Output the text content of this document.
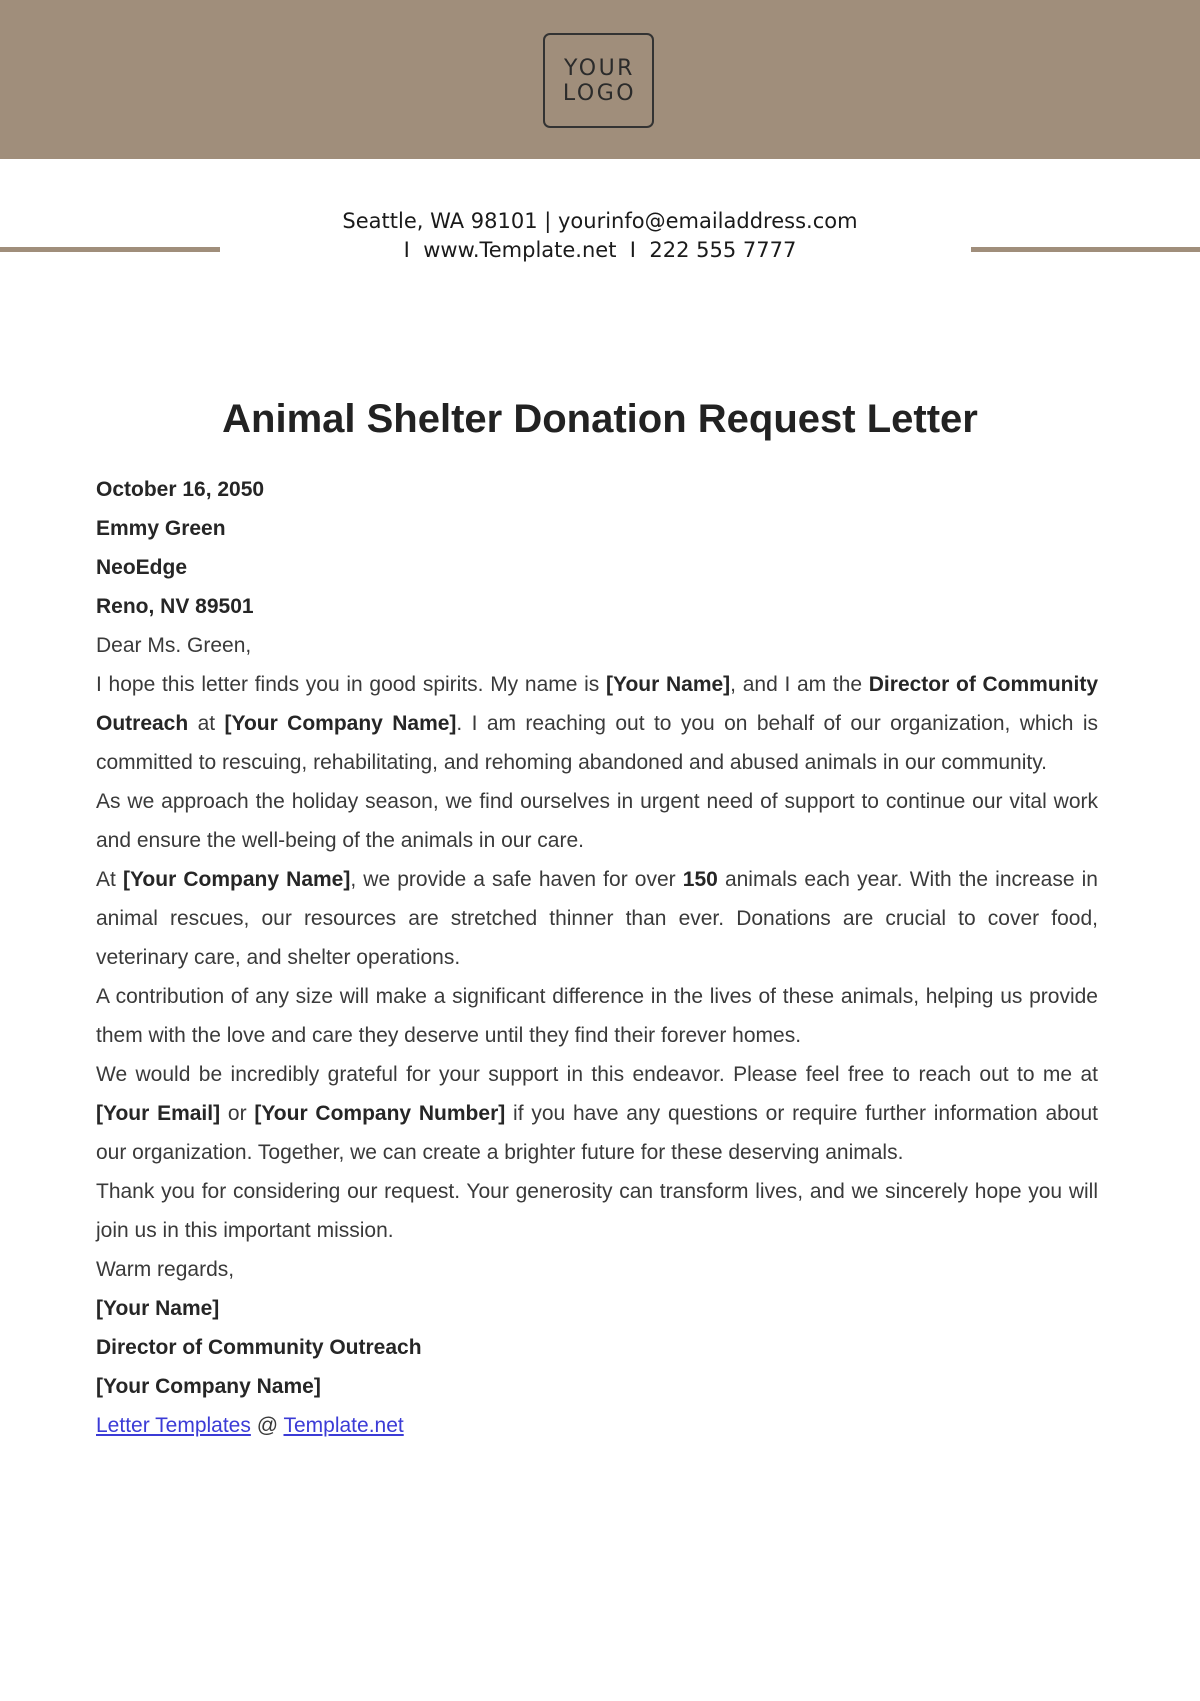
YOUR
LOGO
Seattle, WA 98101 | yourinfo@emailaddress.com
I  www.Template.net  I  222 555 7777
Animal Shelter Donation Request Letter

October 16, 2050

Emmy Green

NeoEdge

Reno, NV 89501

Dear Ms. Green,

I hope this letter finds you in good spirits. My name is [Your Name], and I am the Director of Community Outreach at [Your Company Name]. I am reaching out to you on behalf of our organization, which is committed to rescuing, rehabilitating, and rehoming abandoned and abused animals in our community.

As we approach the holiday season, we find ourselves in urgent need of support to continue our vital work and ensure the well-being of the animals in our care.

At [Your Company Name], we provide a safe haven for over 150 animals each year. With the increase in animal rescues, our resources are stretched thinner than ever. Donations are crucial to cover food, veterinary care, and shelter operations.

A contribution of any size will make a significant difference in the lives of these animals, helping us provide them with the love and care they deserve until they find their forever homes.

We would be incredibly grateful for your support in this endeavor. Please feel free to reach out to me at [Your Email] or [Your Company Number] if you have any questions or require further information about our organization. Together, we can create a brighter future for these deserving animals.

Thank you for considering our request. Your generosity can transform lives, and we sincerely hope you will join us in this important mission.

Warm regards,

[Your Name]

Director of Community Outreach

[Your Company Name]

Letter Templates @ Template.net
